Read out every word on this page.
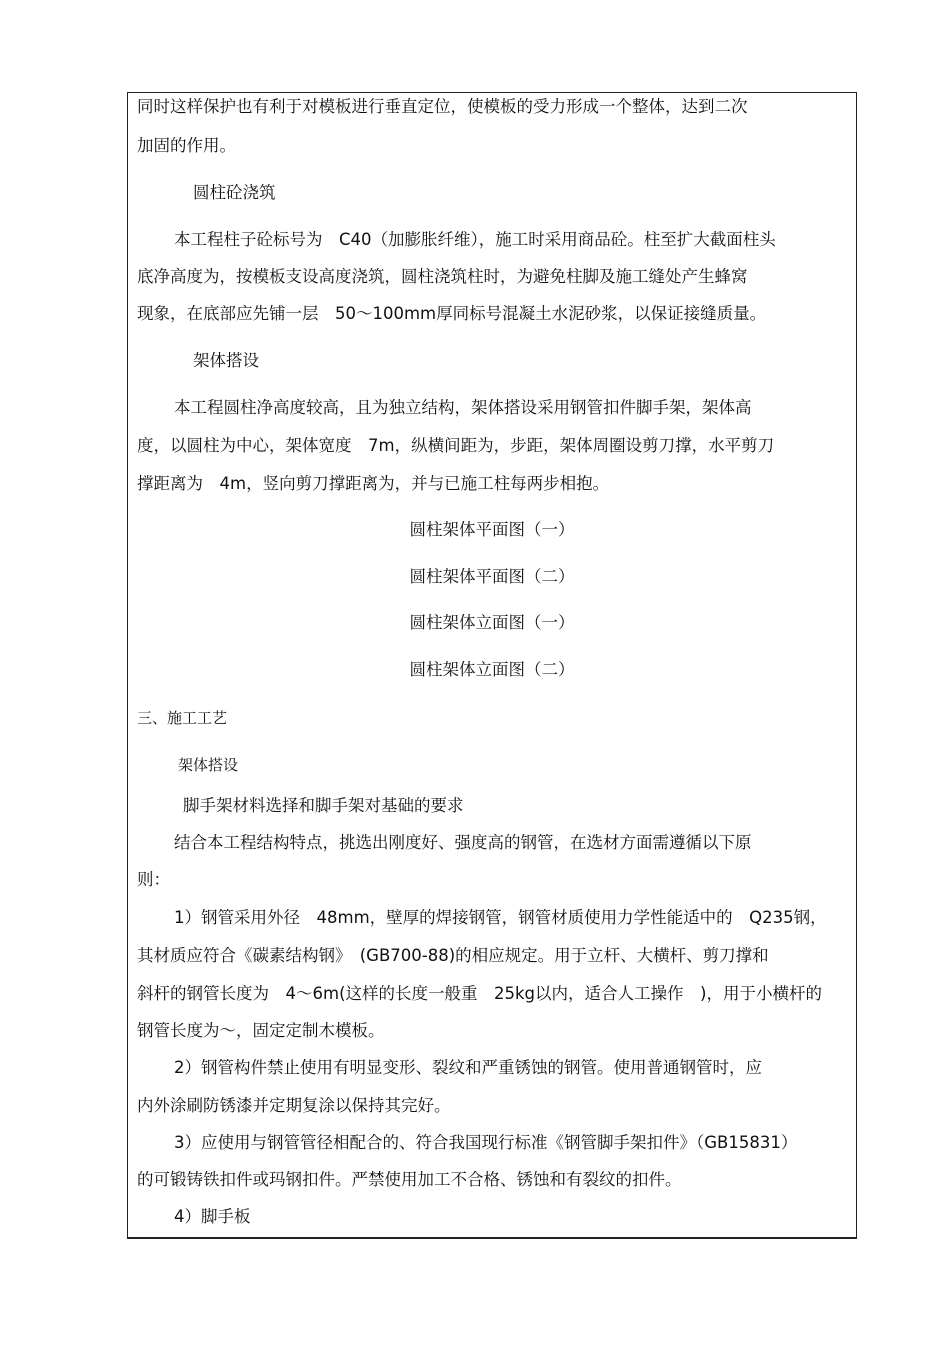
同时这样保护也有利于对模板进行垂直定位，使模板的受力形成一个整体，达到二次
加固的作用。
圆柱砼浇筑
本工程柱子砼标号为　C40（加膨胀纤维），施工时采用商品砼。柱至扩大截面柱头
底净高度为，按模板支设高度浇筑，圆柱浇筑柱时，为避免柱脚及施工缝处产生蜂窝
现象，在底部应先铺一层　50～100mm厚同标号混凝土水泥砂浆，以保证接缝质量。
架体搭设
本工程圆柱净高度较高，且为独立结构，架体搭设采用钢管扣件脚手架，架体高
度，以圆柱为中心，架体宽度　7m，纵横间距为，步距，架体周圈设剪刀撑，水平剪刀
撑距离为　4m，竖向剪刀撑距离为，并与已施工柱每两步相抱。
圆柱架体平面图（一）
圆柱架体平面图（二）
圆柱架体立面图（一）
圆柱架体立面图（二）
三、施工工艺
架体搭设
脚手架材料选择和脚手架对基础的要求
结合本工程结构特点，挑选出刚度好、强度高的钢管，在选材方面需遵循以下原
则：
1）钢管采用外径　48mm，壁厚的焊接钢管，钢管材质使用力学性能适中的　Q235钢，
其材质应符合《碳素结构钢》　(GB700-88)的相应规定。用于立杆、大横杆、剪刀撑和
斜杆的钢管长度为　4～6m(这样的长度一般重　25kg以内，适合人工操作　)，用于小横杆的
钢管长度为～，固定定制木模板。
2）钢管构件禁止使用有明显变形、裂纹和严重锈蚀的钢管。使用普通钢管时，应
内外涂刷防锈漆并定期复涂以保持其完好。
3）应使用与钢管管径相配合的、符合我国现行标准《钢管脚手架扣件》（GB15831）
的可锻铸铁扣件或玛钢扣件。严禁使用加工不合格、锈蚀和有裂纹的扣件。
4）脚手板
